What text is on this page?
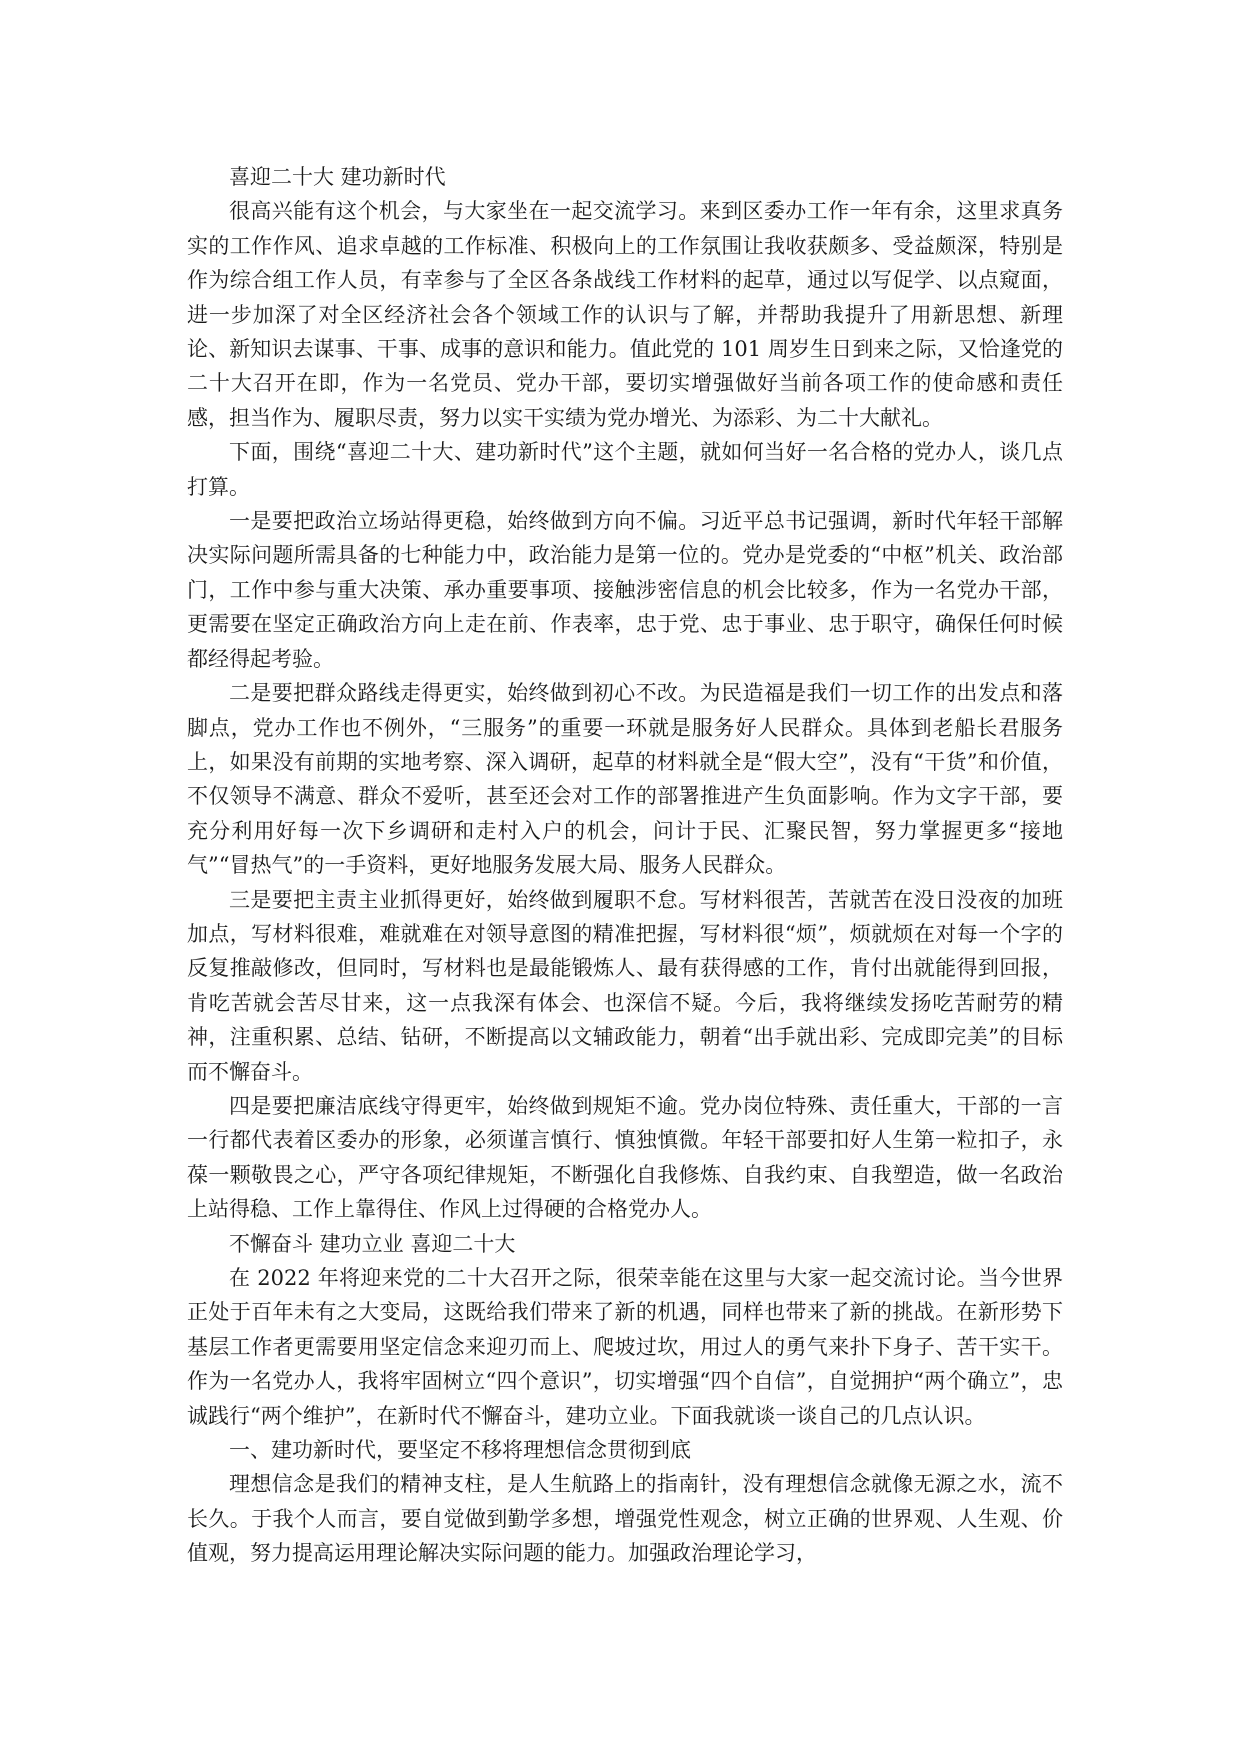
喜迎二十大 建功新时代

很高兴能有这个机会，与大家坐在一起交流学习。来到区委办工作一年有余，这里求真务实的工作作风、追求卓越的工作标准、积极向上的工作氛围让我收获颇多、受益颇深，特别是作为综合组工作人员，有幸参与了全区各条战线工作材料的起草，通过以写促学、以点窥面，进一步加深了对全区经济社会各个领域工作的认识与了解，并帮助我提升了用新思想、新理论、新知识去谋事、干事、成事的意识和能力。值此党的 101 周岁生日到来之际，又恰逢党的二十大召开在即，作为一名党员、党办干部，要切实增强做好当前各项工作的使命感和责任感，担当作为、履职尽责，努力以实干实绩为党办增光、为添彩、为二十大献礼。

下面，围绕“喜迎二十大、建功新时代”这个主题，就如何当好一名合格的党办人，谈几点打算。

一是要把政治立场站得更稳，始终做到方向不偏。习近平总书记强调，新时代年轻干部解决实际问题所需具备的七种能力中，政治能力是第一位的。党办是党委的“中枢”机关、政治部门，工作中参与重大决策、承办重要事项、接触涉密信息的机会比较多，作为一名党办干部，更需要在坚定正确政治方向上走在前、作表率，忠于党、忠于事业、忠于职守，确保任何时候都经得起考验。

二是要把群众路线走得更实，始终做到初心不改。为民造福是我们一切工作的出发点和落脚点，党办工作也不例外，“三服务”的重要一环就是服务好人民群众。具体到老船长君服务上，如果没有前期的实地考察、深入调研，起草的材料就全是“假大空”，没有“干货”和价值，不仅领导不满意、群众不爱听，甚至还会对工作的部署推进产生负面影响。作为文字干部，要充分利用好每一次下乡调研和走村入户的机会，问计于民、汇聚民智，努力掌握更多“接地气”“冒热气”的一手资料，更好地服务发展大局、服务人民群众。

三是要把主责主业抓得更好，始终做到履职不怠。写材料很苦，苦就苦在没日没夜的加班加点，写材料很难，难就难在对领导意图的精准把握，写材料很“烦”，烦就烦在对每一个字的反复推敲修改，但同时，写材料也是最能锻炼人、最有获得感的工作，肯付出就能得到回报，肯吃苦就会苦尽甘来，这一点我深有体会、也深信不疑。今后，我将继续发扬吃苦耐劳的精神，注重积累、总结、钻研，不断提高以文辅政能力，朝着“出手就出彩、完成即完美”的目标而不懈奋斗。

四是要把廉洁底线守得更牢，始终做到规矩不逾。党办岗位特殊、责任重大，干部的一言一行都代表着区委办的形象，必须谨言慎行、慎独慎微。年轻干部要扣好人生第一粒扣子，永葆一颗敬畏之心，严守各项纪律规矩，不断强化自我修炼、自我约束、自我塑造，做一名政治上站得稳、工作上靠得住、作风上过得硬的合格党办人。

不懈奋斗 建功立业 喜迎二十大

在 2022 年将迎来党的二十大召开之际，很荣幸能在这里与大家一起交流讨论。当今世界正处于百年未有之大变局，这既给我们带来了新的机遇，同样也带来了新的挑战。在新形势下基层工作者更需要用坚定信念来迎刃而上、爬坡过坎，用过人的勇气来扑下身子、苦干实干。作为一名党办人，我将牢固树立“四个意识”，切实增强“四个自信”，自觉拥护“两个确立”，忠诚践行“两个维护”，在新时代不懈奋斗，建功立业。下面我就谈一谈自己的几点认识。

一、建功新时代，要坚定不移将理想信念贯彻到底

理想信念是我们的精神支柱，是人生航路上的指南针，没有理想信念就像无源之水，流不长久。于我个人而言，要自觉做到勤学多想，增强党性观念，树立正确的世界观、人生观、价值观，努力提高运用理论解决实际问题的能力。加强政治理论学习，
